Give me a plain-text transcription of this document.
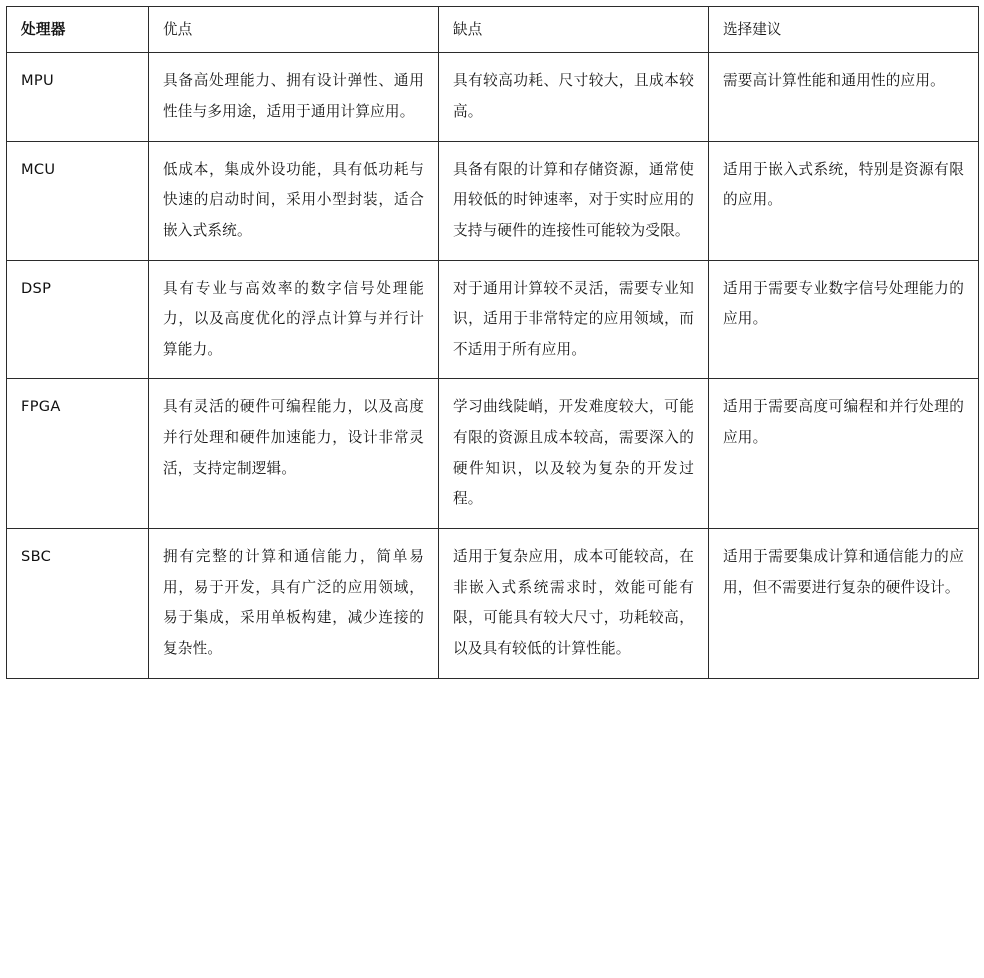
处理器	优点	缺点	选择建议
MPU	具备高处理能力、拥有设计弹性、通用性佳与多用途，适用于通用计算应用。	具有较高功耗、尺寸较大，且成本较高。	需要高计算性能和通用性的应用。
MCU	低成本，集成外设功能，具有低功耗与快速的启动时间，采用小型封装，适合嵌入式系统。	具备有限的计算和存储资源，通常使用较低的时钟速率，对于实时应用的支持与硬件的连接性可能较为受限。	适用于嵌入式系统，特别是资源有限的应用。
DSP	具有专业与高效率的数字信号处理能力，以及高度优化的浮点计算与并行计算能力。	对于通用计算较不灵活，需要专业知识，适用于非常特定的应用领域，而不适用于所有应用。	适用于需要专业数字信号处理能力的应用。
FPGA	具有灵活的硬件可编程能力，以及高度并行处理和硬件加速能力，设计非常灵活，支持定制逻辑。	学习曲线陡峭，开发难度较大，可能有限的资源且成本较高，需要深入的硬件知识，以及较为复杂的开发过程。	适用于需要高度可编程和并行处理的应用。
SBC	拥有完整的计算和通信能力，简单易用，易于开发，具有广泛的应用领域，易于集成，采用单板构建，减少连接的复杂性。	适用于复杂应用，成本可能较高，在非嵌入式系统需求时，效能可能有限，可能具有较大尺寸，功耗较高，以及具有较低的计算性能。	适用于需要集成计算和通信能力的应用，但不需要进行复杂的硬件设计。
